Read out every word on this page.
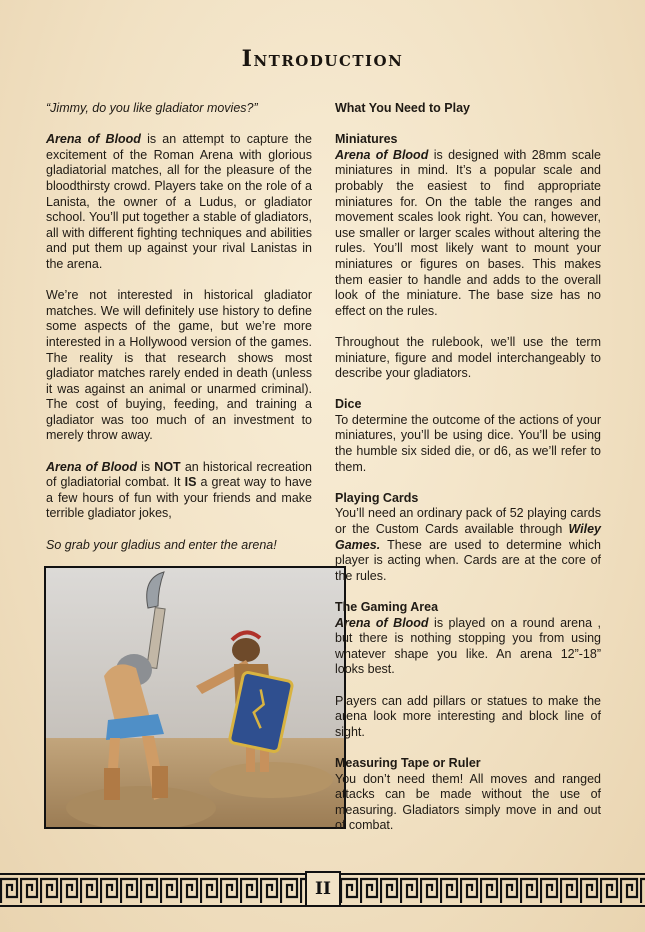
Introduction

“Jimmy, do you like gladiator movies?”

Arena of Blood is an attempt to capture the excitement of the Roman Arena with glorious gladiatorial matches, all for the pleasure of the bloodthirsty crowd. Players take on the role of a Lanista, the owner of a Ludus, or gladiator school. You’ll put together a stable of gladiators, all with different fighting techniques and abilities and put them up against your rival Lanistas in the arena.

We’re not interested in historical gladiator matches. We will definitely use history to define some aspects of the game, but we’re more interested in a Hollywood version of the games. The reality is that research shows most gladiator matches rarely ended in death (unless it was against an animal or unarmed criminal). The cost of buying, feeding, and training a gladiator was too much of an investment to merely throw away.

Arena of Blood is NOT an historical recreation of gladiatorial combat. It IS a great way to have a few hours of fun with your friends and make terrible gladiator jokes,

So grab your gladius and enter the arena!

What You Need to Play

Miniatures

Arena of Blood is designed with 28mm scale miniatures in mind. It’s a popular scale and probably the easiest to find appropriate miniatures for. On the table the ranges and movement scales look right. You can, however, use smaller or larger scales without altering the rules. You’ll most likely want to mount your miniatures or figures on bases. This makes them easier to handle and adds to the overall look of the miniature. The base size has no effect on the rules.

Throughout the rulebook, we’ll use the term miniature, figure and model interchangeably to describe your gladiators.

Dice

To determine the outcome of the actions of your miniatures, you’ll be using dice. You’ll be using the humble six sided die, or d6, as we’ll refer to them.

Playing Cards

You’ll need an ordinary pack of 52 playing cards or the Custom Cards available through Wiley Games. These are used to determine which player is acting when. Cards are at the core of the rules.

The Gaming Area

Arena of Blood is played on a round arena , but there is nothing stopping you from using whatever shape you like. An arena 12”-18” looks best.

Players can add pillars or statues to make the arena look more interesting and block line of sight.

Measuring Tape or Ruler

You don’t need them! All moves and ranged attacks can be made without the use of measuring. Gladiators simply move in and out of combat.

II
